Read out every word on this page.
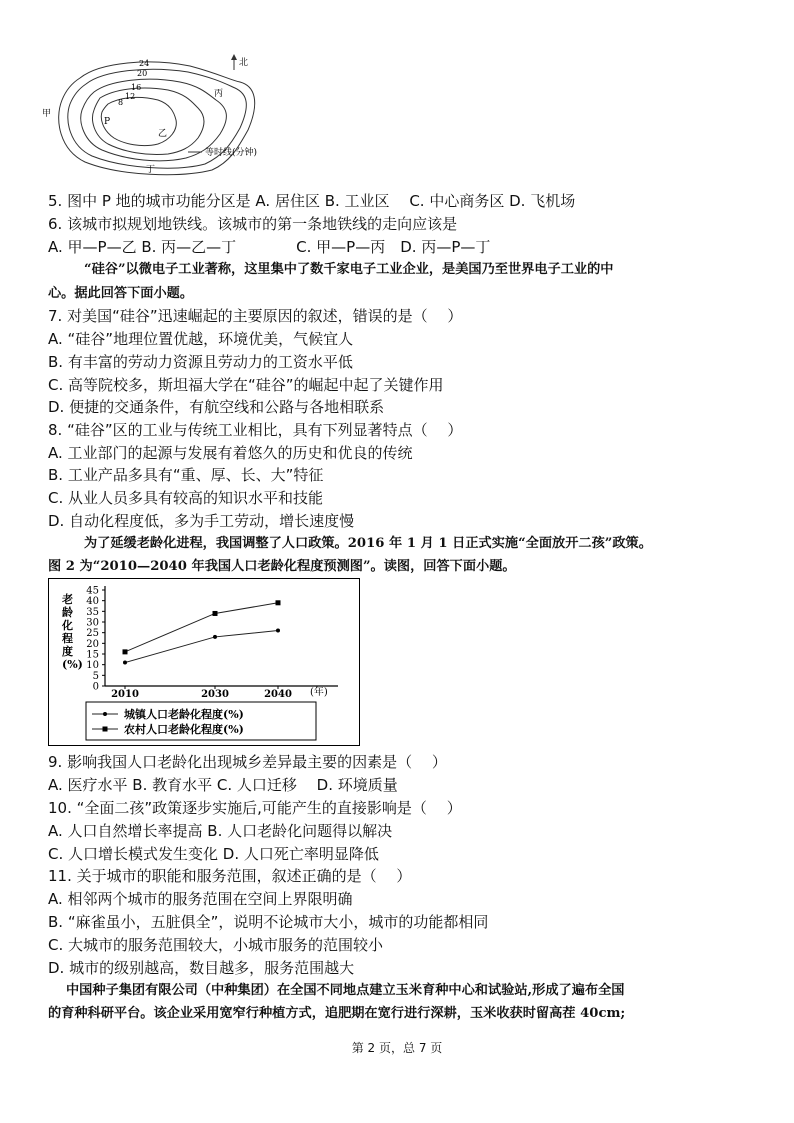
24
20
16
12
8
北
甲
P
乙
丙
丁
等时线(分钟)
5. 图中 P 地的城市功能分区是 A. 居住区 B. 工业区　 C. 中心商务区 D. 飞机场
6. 该城市拟规划地铁线。该城市的第一条地铁线的走向应该是
A. 甲—P—乙 B. 丙—乙—丁　　　　C. 甲—P—丙　D. 丙—P—丁
“硅谷”以微电子工业著称，这里集中了数千家电子工业企业，是美国乃至世界电子工业的中
心。据此回答下面小题。
7. 对美国“硅谷”迅速崛起的主要原因的叙述，错误的是（　 ）
A. “硅谷”地理位置优越，环境优美，气候宜人
B. 有丰富的劳动力资源且劳动力的工资水平低
C. 高等院校多，斯坦福大学在“硅谷”的崛起中起了关键作用
D. 便捷的交通条件，有航空线和公路与各地相联系
8. “硅谷”区的工业与传统工业相比，具有下列显著特点（　 ）
A. 工业部门的起源与发展有着悠久的历史和优良的传统
B. 工业产品多具有“重、厚、长、大”特征
C. 从业人员多具有较高的知识水平和技能
D. 自动化程度低，多为手工劳动，增长速度慢
为了延缓老龄化进程，我国调整了人口政策。2016 年 1 月 1 日正式实施“全面放开二孩”政策。
图 2 为“2010—2040 年我国人口老龄化程度预测图”。读图，回答下面小题。
老
龄
化
程
度
(%)
0
5
10
15
20
25
30
35
40
45
2010	2030	2040 (年)
城镇人口老龄化程度(%)
农村人口老龄化程度(%)
9. 影响我国人口老龄化出现城乡差异最主要的因素是（　 ）
A. 医疗水平 B. 教育水平 C. 人口迁移　 D. 环境质量
10. “全面二孩”政策逐步实施后,可能产生的直接影响是（　 ）
A. 人口自然增长率提高 B. 人口老龄化问题得以解决
C. 人口增长模式发生变化 D. 人口死亡率明显降低
11. 关于城市的职能和服务范围，叙述正确的是（　 ）
A. 相邻两个城市的服务范围在空间上界限明确
B. “麻雀虽小，五脏俱全”，说明不论城市大小，城市的功能都相同
C. 大城市的服务范围较大，小城市服务的范围较小
D. 城市的级别越高，数目越多，服务范围越大
中国种子集团有限公司（中种集团）在全国不同地点建立玉米育种中心和试验站,形成了遍布全国
的育种科研平台。该企业采用宽窄行种植方式，追肥期在宽行进行深耕，玉米收获时留高茬 40cm;
第 2 页，总 7 页
